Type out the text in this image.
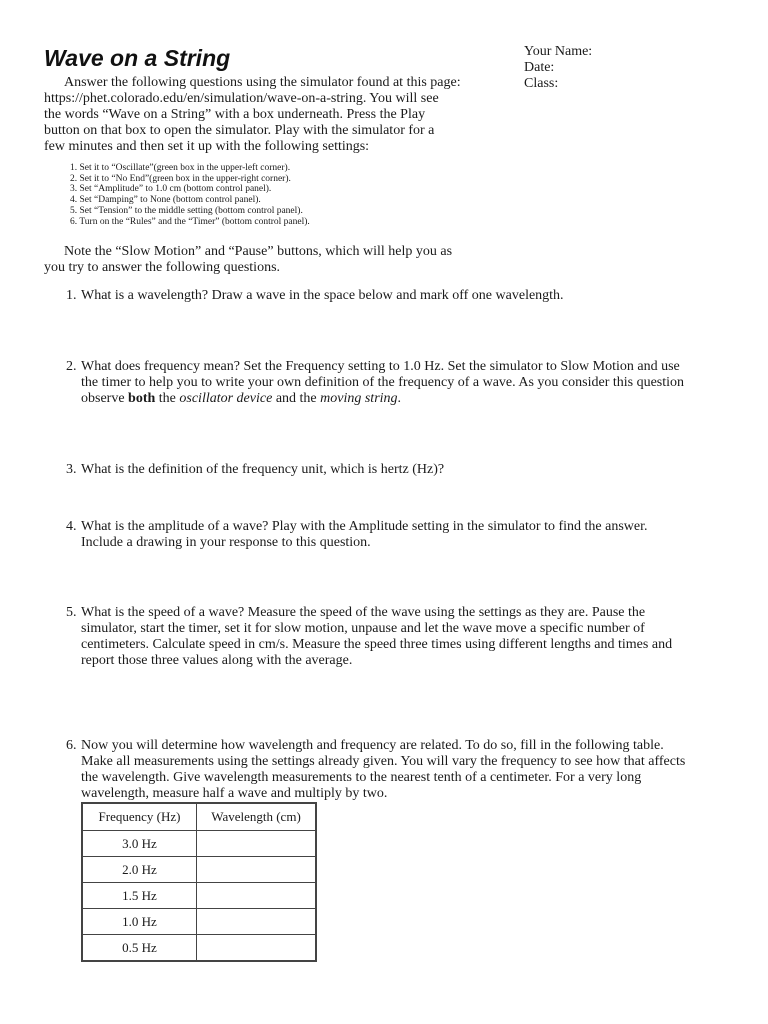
Wave on a String	Your Name:
Date:
Class:

Answer the following questions using the simulator found at this page:
https://phet.colorado.edu/en/simulation/wave-on-a-string. You will see
the words “Wave on a String” with a box underneath. Press the Play
button on that box to open the simulator. Play with the simulator for a
few minutes and then set it up with the following settings:

1. Set it to “Oscillate”(green box in the upper-left corner).
2. Set it to “No End”(green box in the upper-right corner).
3. Set “Amplitude” to 1.0 cm (bottom control panel).
4. Set “Damping” to None (bottom control panel).
5. Set “Tension” to the middle setting (bottom control panel).
6. Turn on the “Rules” and the “Timer” (bottom control panel).

Note the “Slow Motion” and “Pause” buttons, which will help you as
you try to answer the following questions.

1. What is a wavelength? Draw a wave in the space below and mark off one wavelength.
2. What does frequency mean? Set the Frequency setting to 1.0 Hz. Set the simulator to Slow Motion and use
the timer to help you to write your own definition of the frequency of a wave. As you consider this question
observe both the oscillator device and the moving string.
3. What is the definition of the frequency unit, which is hertz (Hz)?
4. What is the amplitude of a wave? Play with the Amplitude setting in the simulator to find the answer.
Include a drawing in your response to this question.
5. What is the speed of a wave? Measure the speed of the wave using the settings as they are. Pause the
simulator, start the timer, set it for slow motion, unpause and let the wave move a specific number of
centimeters. Calculate speed in cm/s. Measure the speed three times using different lengths and times and
report those three values along with the average.
6. Now you will determine how wavelength and frequency are related. To do so, fill in the following table.
Make all measurements using the settings already given. You will vary the frequency to see how that affects
the wavelength. Give wavelength measurements to the nearest tenth of a centimeter. For a very long
wavelength, measure half a wave and multiply by two.
Frequency (Hz)	Wavelength (cm)
3.0 Hz	
2.0 Hz	
1.5 Hz	
1.0 Hz	
0.5 Hz	
